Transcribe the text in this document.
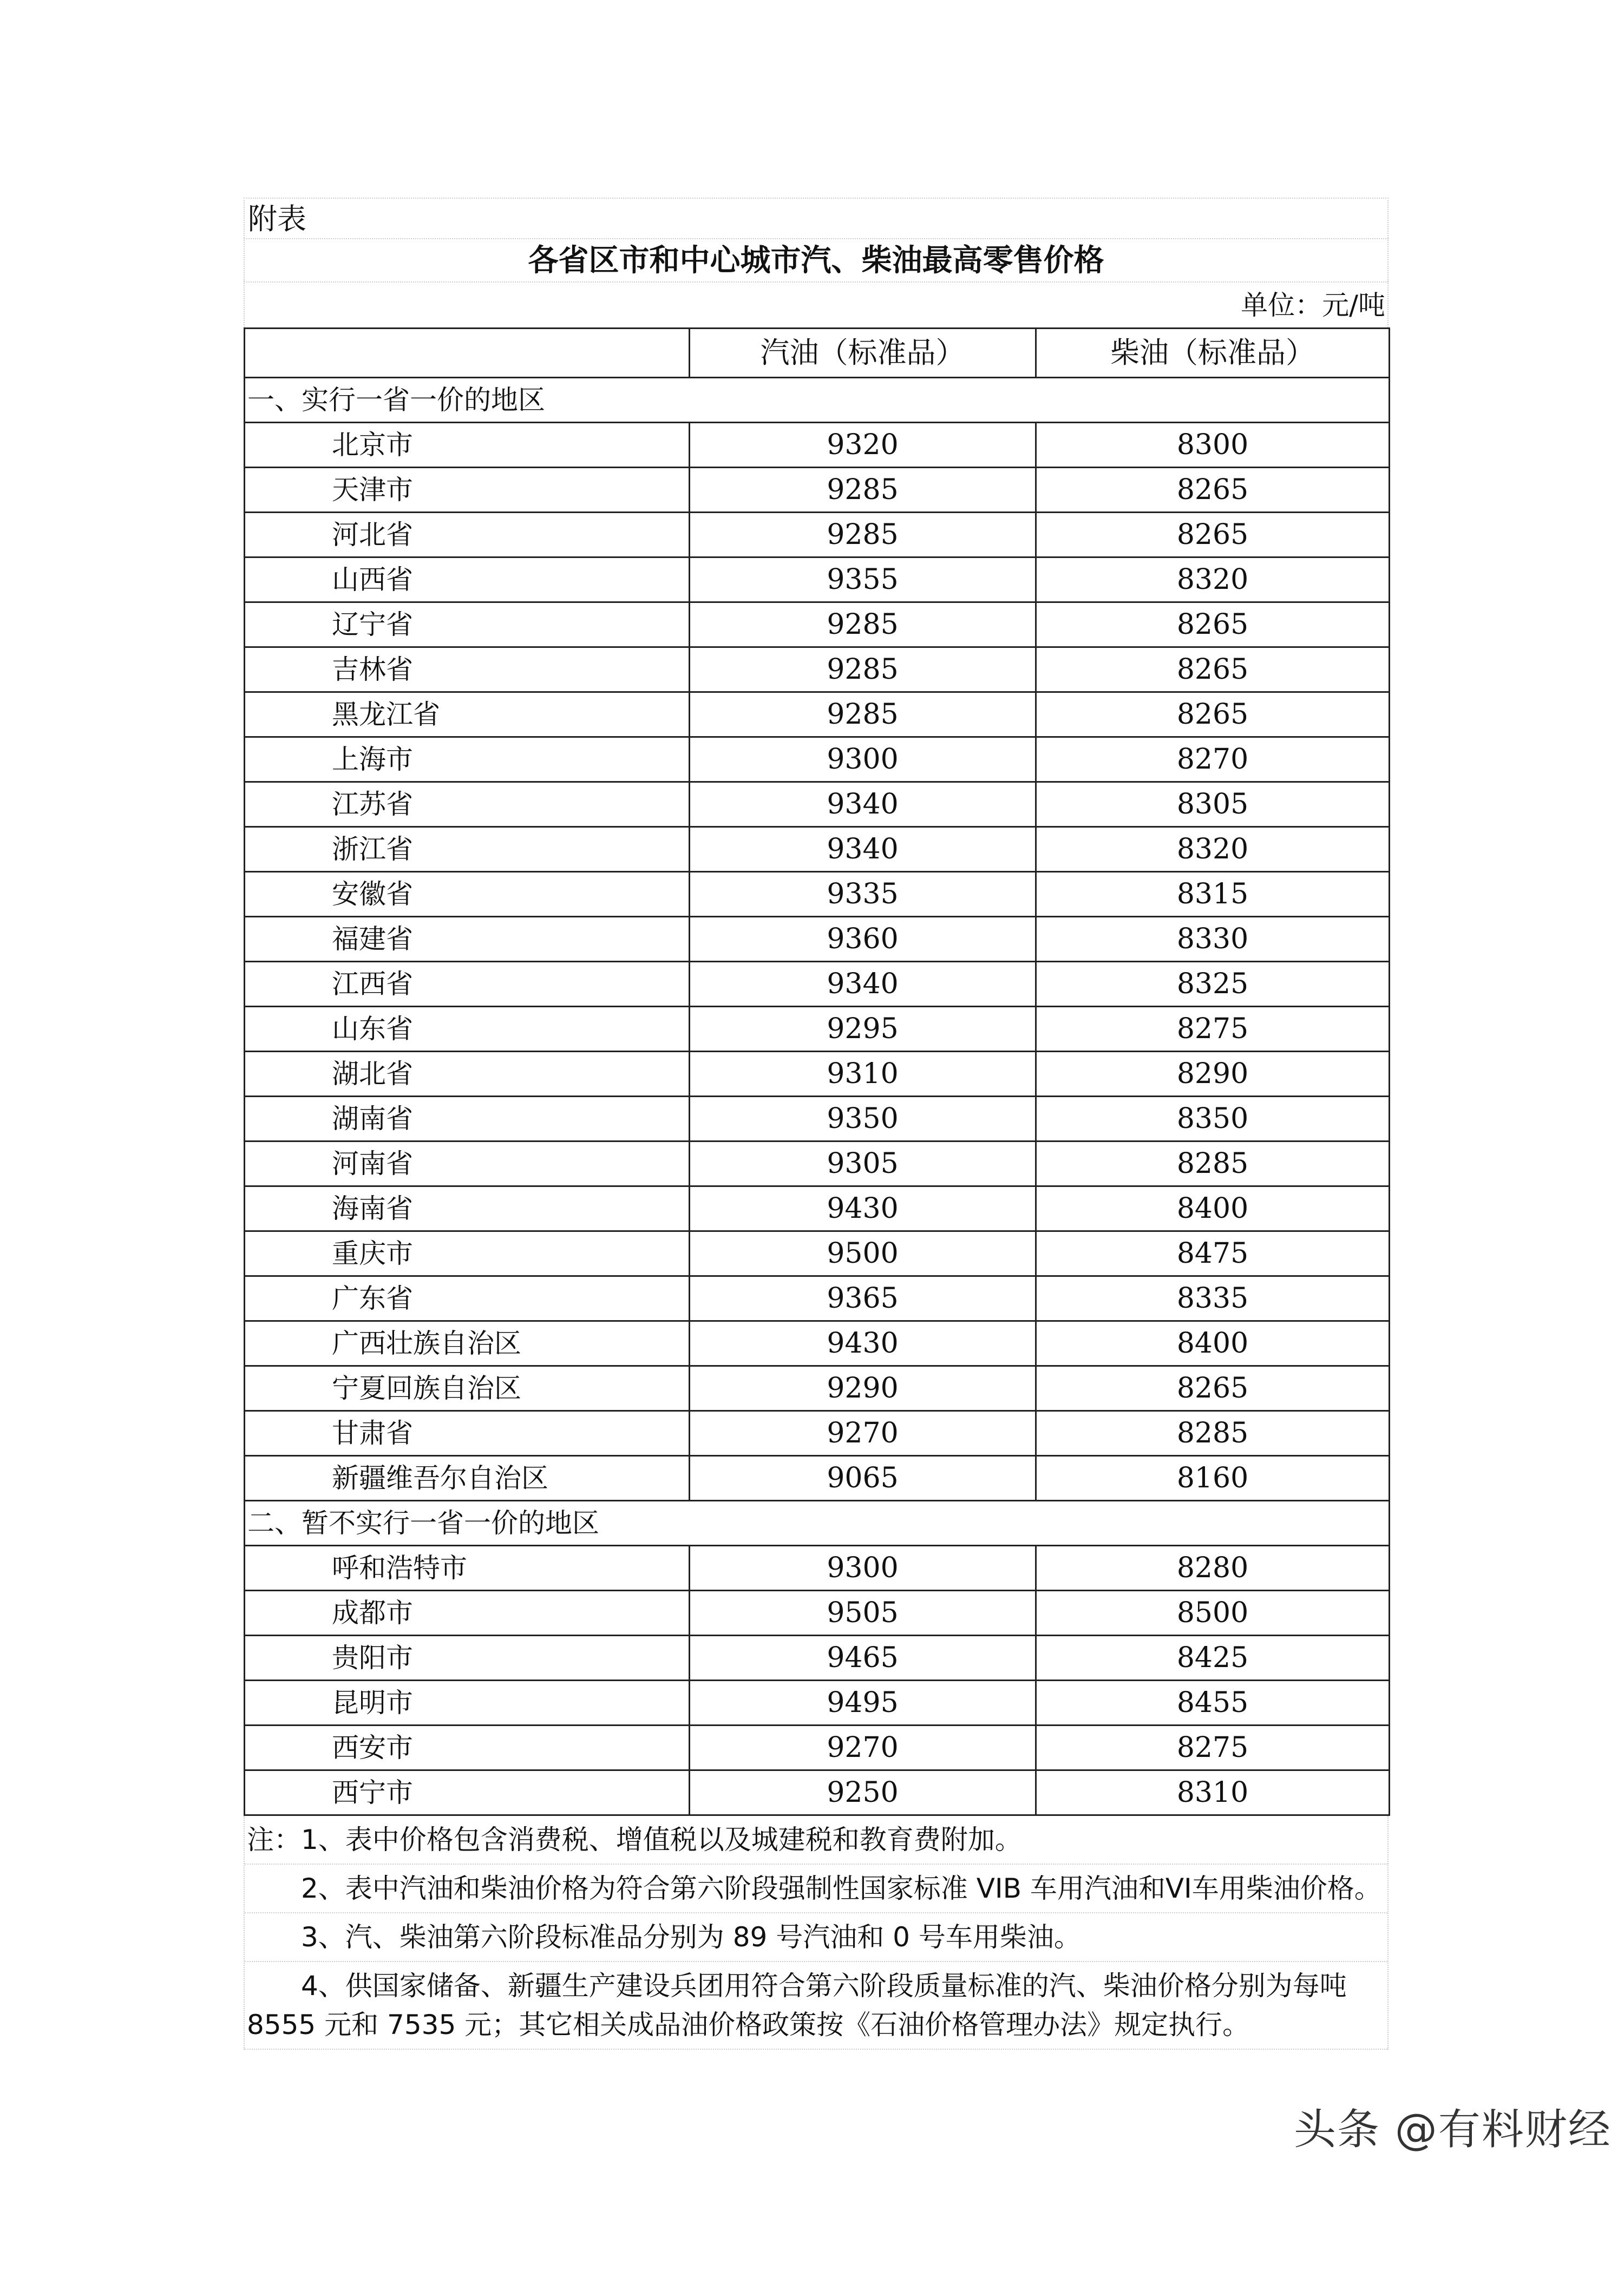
附表
各省区市和中心城市汽、柴油最高零售价格
单位：元/吨
	汽油（标准品）	柴油（标准品）
一、实行一省一价的地区		
北京市	9320	8300
天津市	9285	8265
河北省	9285	8265
山西省	9355	8320
辽宁省	9285	8265
吉林省	9285	8265
黑龙江省	9285	8265
上海市	9300	8270
江苏省	9340	8305
浙江省	9340	8320
安徽省	9335	8315
福建省	9360	8330
江西省	9340	8325
山东省	9295	8275
湖北省	9310	8290
湖南省	9350	8350
河南省	9305	8285
海南省	9430	8400
重庆市	9500	8475
广东省	9365	8335
广西壮族自治区	9430	8400
宁夏回族自治区	9290	8265
甘肃省	9270	8285
新疆维吾尔自治区	9065	8160
二、暂不实行一省一价的地区		
呼和浩特市	9300	8280
成都市	9505	8500
贵阳市	9465	8425
昆明市	9495	8455
西安市	9270	8275
西宁市	9250	8310
注：1、表中价格包含消费税、增值税以及城建税和教育费附加。
2、表中汽油和柴油价格为符合第六阶段强制性国家标准 VIB 车用汽油和VI车用柴油价格。
3、汽、柴油第六阶段标准品分别为 89 号汽油和 0 号车用柴油。
4、供国家储备、新疆生产建设兵团用符合第六阶段质量标准的汽、柴油价格分别为每吨 8555 元和 7535 元；其它相关成品油价格政策按《石油价格管理办法》规定执行。
头条 @有料财经
